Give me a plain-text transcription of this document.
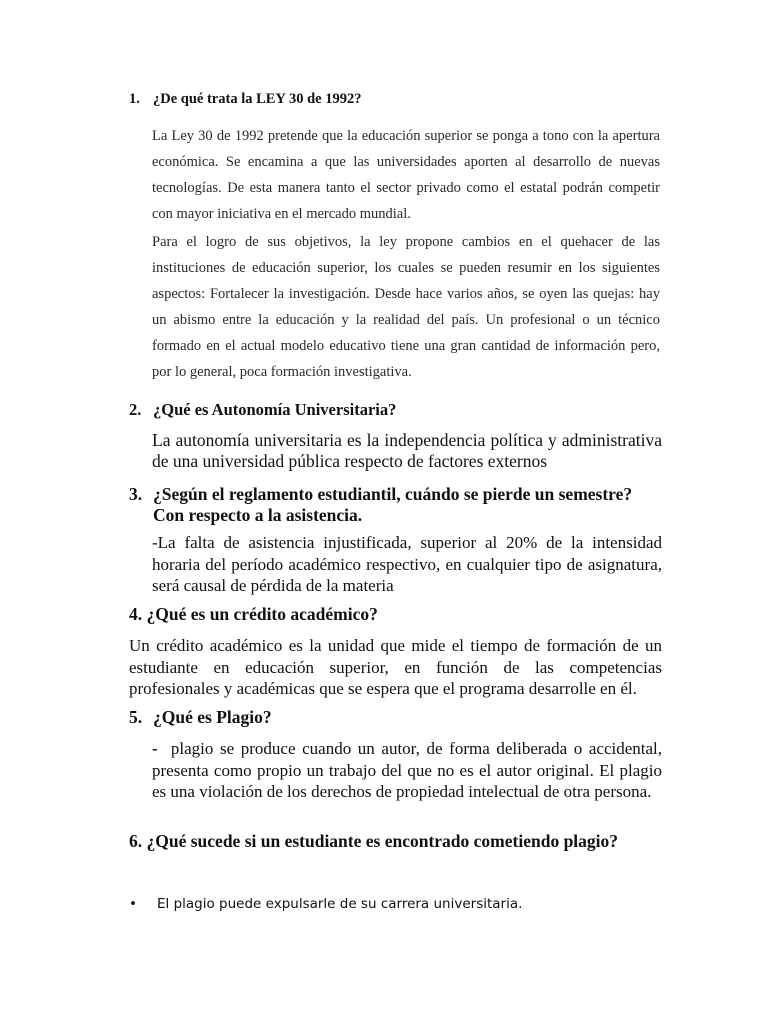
1. ¿De qué trata la LEY 30 de 1992?

La Ley 30 de 1992 pretende que la educación superior se ponga a tono con la apertura económica. Se encamina a que las universidades aporten al desarrollo de nuevas tecnologías. De esta manera tanto el sector privado como el estatal podrán competir con mayor iniciativa en el mercado mundial.

Para el logro de sus objetivos, la ley propone cambios en el quehacer de las instituciones de educación superior, los cuales se pueden resumir en los siguientes aspectos: Fortalecer la investigación. Desde hace varios años, se oyen las quejas: hay un abismo entre la educación y la realidad del país. Un profesional o un técnico formado en el actual modelo educativo tiene una gran cantidad de información pero, por lo general, poca formación investigativa.

2. ¿Qué es Autonomía Universitaria?

La autonomía universitaria es la independencia política y administrativa de una universidad pública respecto de factores externos

3. ¿Según el reglamento estudiantil, cuándo se pierde un semestre?
Con respecto a la asistencia.

-La falta de asistencia injustificada, superior al 20% de la intensidad horaria del período académico respectivo, en cualquier tipo de asignatura, será causal de pérdida de la materia

4. ¿Qué es un crédito académico?

Un crédito académico es la unidad que mide el tiempo de formación de un estudiante en educación superior, en función de las competencias profesionales y académicas que se espera que el programa desarrolle en él.

5. ¿Qué es Plagio?

- plagio se produce cuando un autor, de forma deliberada o accidental, presenta como propio un trabajo del que no es el autor original. El plagio es una violación de los derechos de propiedad intelectual de otra persona.

6. ¿Qué sucede si un estudiante es encontrado cometiendo plagio?

• El plagio puede expulsarle de su carrera universitaria.
